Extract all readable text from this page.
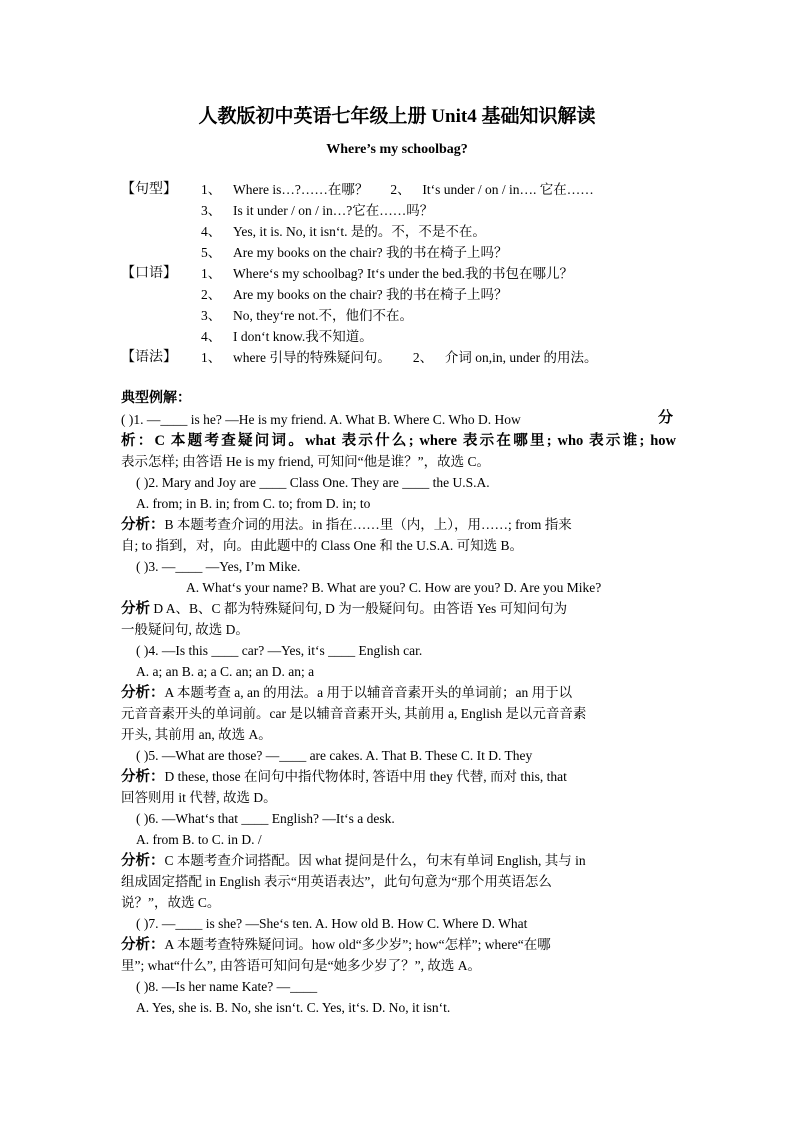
人教版初中英语七年级上册 Unit4 基础知识解读
Where’s my schoolbag?
【句型】 1、 Where is…?……在哪？ 2、 It‘s under / on / in…. 它在……
3、 Is it under / on / in…?它在……吗？
4、 Yes, it is. No, it isn‘t. 是的。不，不是不在。
5、 Are my books on the chair? 我的书在椅子上吗？
【口语】 1、 Where‘s my schoolbag? It‘s under the bed.我的书包在哪儿？
2、 Are my books on the chair? 我的书在椅子上吗？
3、 No, they‘re not.不，他们不在。
4、 I don‘t know.我不知道。
【语法】 1、 where 引导的特殊疑问句。 2、 介词 on,in, under 的用法。
典型例解：
( )1. —____ is he? —He is my friend. A. What B. Where C. Who D. How	分
析：C 本题考查疑问词。what 表示什么; where 表示在哪里; who 表示谁; how
表示怎样; 由答语 He is my friend, 可知问“他是谁？”，故选 C。
( )2. Mary and Joy are ____ Class One. They are ____ the U.S.A.
A. from; in B. in; from C. to; from D. in; to
分析：B 本题考查介词的用法。in 指在……里（内，上），用……; from 指来
自; to 指到，对，向。由此题中的 Class One 和 the U.S.A. 可知选 B。
( )3. —____ —Yes, I’m Mike.
A. What‘s your name? B. What are you? C. How are you? D. Are you Mike?
分析 D A、B、C 都为特殊疑问句, D 为一般疑问句。由答语 Yes 可知问句为
一般疑问句, 故选 D。
( )4. —Is this ____ car? —Yes, it‘s ____ English car.
A. a; an B. a; a C. an; an D. an; a
分析：A 本题考查 a, an 的用法。a 用于以辅音音素开头的单词前；an 用于以
元音音素开头的单词前。car 是以辅音音素开头, 其前用 a, English 是以元音音素
开头, 其前用 an, 故选 A。
( )5. —What are those? —____ are cakes. A. That B. These C. It D. They
分析：D these, those 在问句中指代物体时, 答语中用 they 代替, 而对 this, that
回答则用 it 代替, 故选 D。
( )6. —What‘s that ____ English? —It‘s a desk.
A. from B. to C. in D. /
分析：C 本题考查介词搭配。因 what 提问是什么，句末有单词 English, 其与 in
组成固定搭配 in English 表示“用英语表达”，此句句意为“那个用英语怎么
说？”，故选 C。
( )7. —____ is she? —She‘s ten. A. How old B. How C. Where D. What
分析：A 本题考查特殊疑问词。how old“多少岁”; how“怎样”; where“在哪
里”; what“什么”, 由答语可知问句是“她多少岁了？”, 故选 A。
( )8. —Is her name Kate? —____
A. Yes, she is. B. No, she isn‘t. C. Yes, it‘s. D. No, it isn‘t.
